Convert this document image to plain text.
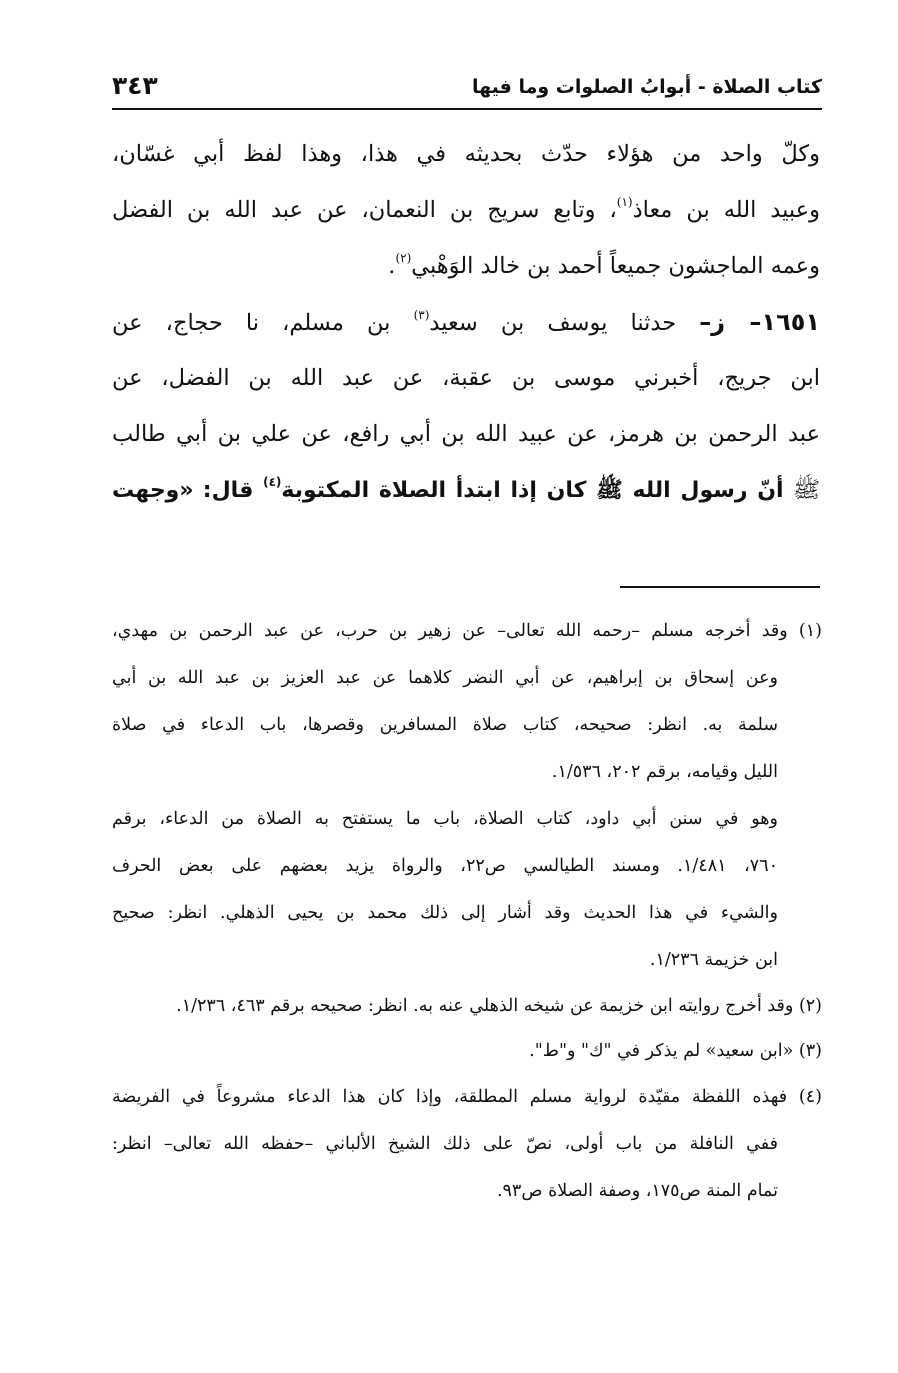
كتاب الصلاة - أبوابُ الصلوات وما فيها
٣٤٣
وكلّ واحد من هؤلاء حدّث بحديثه في هذا، وهذا لفظ أبي غسّان،
وعبيد الله بن معاذ$^{(١)}$، وتابع سريج بن النعمان، عن عبد الله بن الفضل
وعمه الماجشون جميعاً أحمد بن خالد الوَهْبي$^{(٢)}$.
١٦٥١– ز– حدثنا يوسف بن سعيد$^{(٣)}$ بن مسلم، نا حجاج، عن
ابن جريج، أخبرني موسى بن عقبة، عن عبد الله بن الفضل، عن
عبد الرحمن بن هرمز، عن عبيد الله بن أبي رافع، عن علي بن أبي طالب
ﷺ أنّ رسول الله ﷺ كان إذا ابتدأ الصلاة المكتوبة$^{(٤)}$ قال: «وجهت
(١) وقد أخرجه مسلم –رحمه الله تعالى– عن زهير بن حرب، عن عبد الرحمن بن مهدي،
وعن إسحاق بن إبراهيم، عن أبي النضر كلاهما عن عبد العزيز بن عبد الله بن أبي
سلمة به. انظر: صحيحه، كتاب صلاة المسافرين وقصرها، باب الدعاء في صلاة
الليل وقيامه، برقم ٢٠٢، ١/٥٣٦.
وهو في سنن أبي داود، كتاب الصلاة، باب ما يستفتح به الصلاة من الدعاء، برقم
٧٦٠، ١/٤٨١. ومسند الطيالسي ص٢٢، والرواة يزيد بعضهم على بعض الحرف
والشيء في هذا الحديث وقد أشار إلى ذلك محمد بن يحيى الذهلي. انظر: صحيح
ابن خزيمة ١/٢٣٦.
(٢) وقد أخرج روايته ابن خزيمة عن شيخه الذهلي عنه به. انظر: صحيحه برقم ٤٦٣، ١/٢٣٦.
(٣) «ابن سعيد» لم يذكر في "ك" و"ط".
(٤) فهذه اللفظة مقيّدة لرواية مسلم المطلقة، وإذا كان هذا الدعاء مشروعاً في الفريضة
ففي النافلة من باب أولى، نصّ على ذلك الشيخ الألباني –حفظه الله تعالى– انظر:
تمام المنة ص١٧٥، وصفة الصلاة ص٩٣.
